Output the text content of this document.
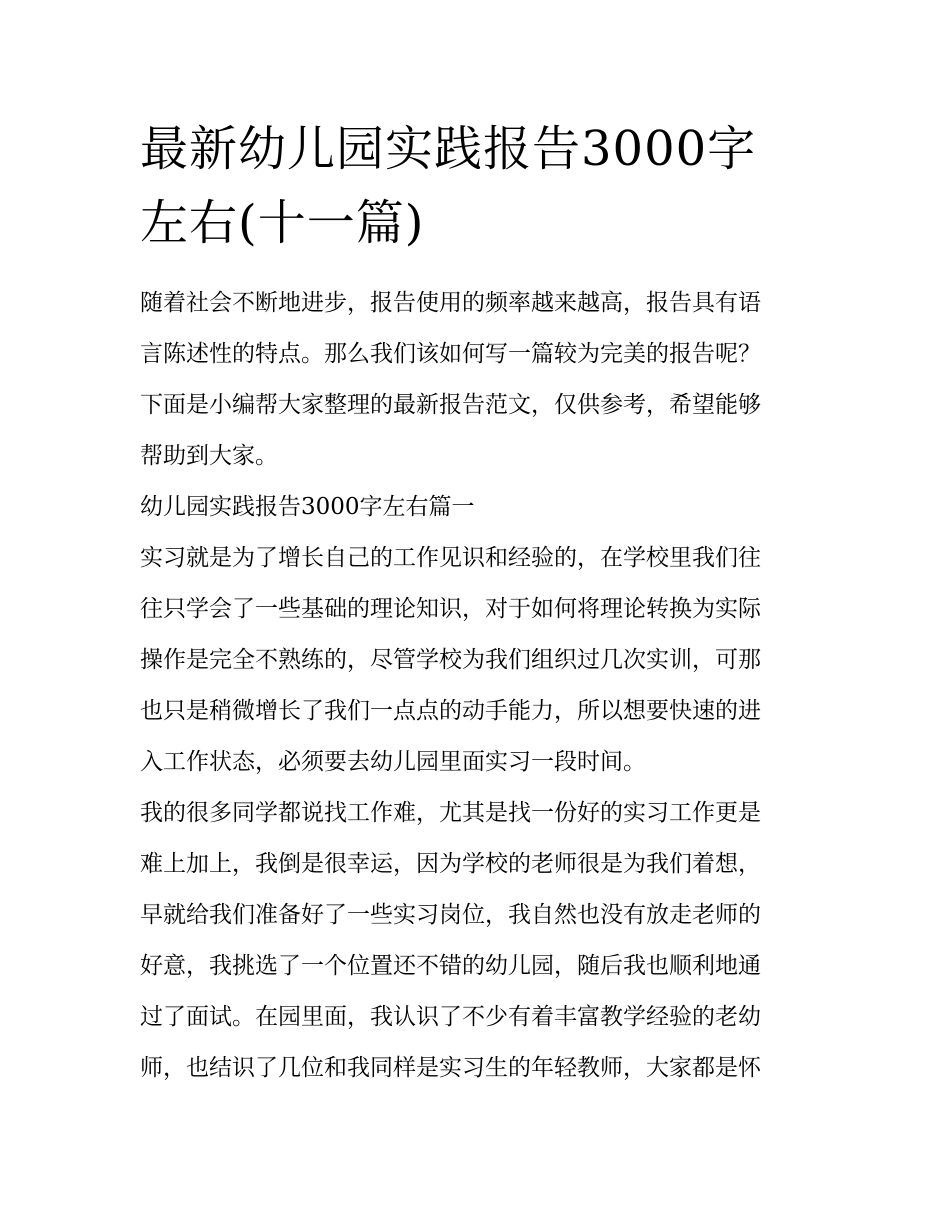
最新幼儿园实践报告3000字
左右(十一篇)
随着社会不断地进步，报告使用的频率越来越高，报告具有语
言陈述性的特点。那么我们该如何写一篇较为完美的报告呢？
下面是小编帮大家整理的最新报告范文，仅供参考，希望能够
帮助到大家。
幼儿园实践报告3000字左右篇一
实习就是为了增长自己的工作见识和经验的，在学校里我们往
往只学会了一些基础的理论知识，对于如何将理论转换为实际
操作是完全不熟练的，尽管学校为我们组织过几次实训，可那
也只是稍微增长了我们一点点的动手能力，所以想要快速的进
入工作状态，必须要去幼儿园里面实习一段时间。
我的很多同学都说找工作难，尤其是找一份好的实习工作更是
难上加上，我倒是很幸运，因为学校的老师很是为我们着想，
早就给我们准备好了一些实习岗位，我自然也没有放走老师的
好意，我挑选了一个位置还不错的幼儿园，随后我也顺利地通
过了面试。在园里面，我认识了不少有着丰富教学经验的老幼
师，也结识了几位和我同样是实习生的年轻教师，大家都是怀
